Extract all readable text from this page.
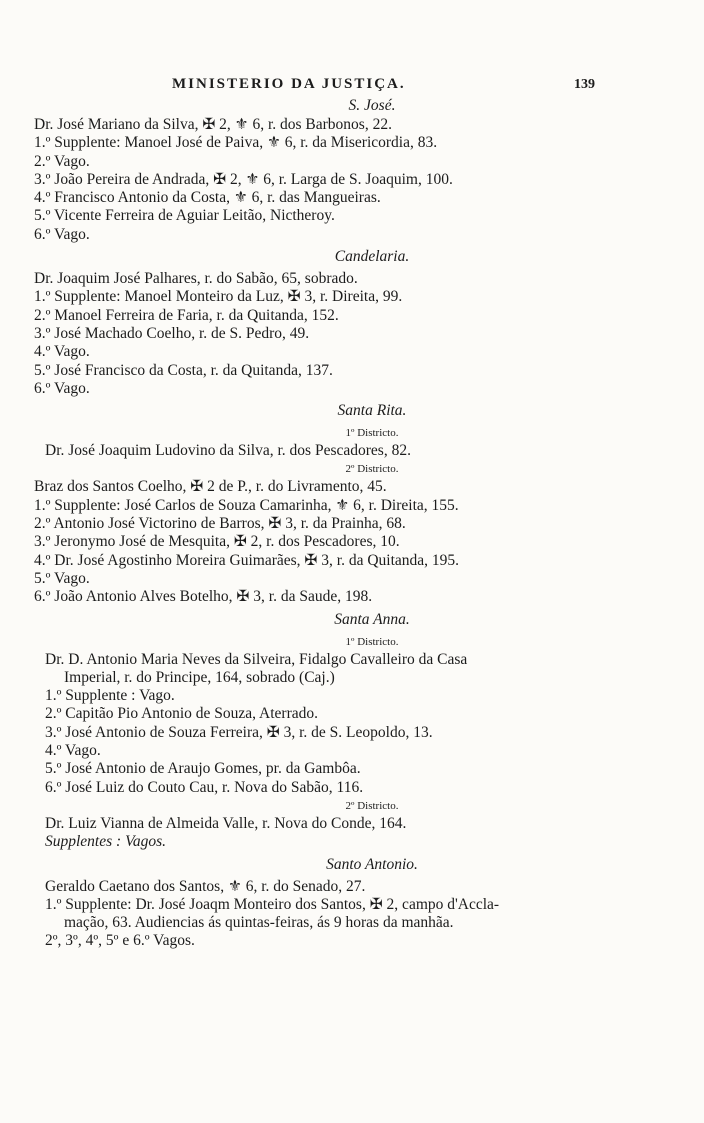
MINISTERIO DA JUSTIÇA.	139
S. José.
Dr. José Mariano da Silva, ✠ 2, ⚜ 6, r. dos Barbonos, 22.
1.º Supplente: Manoel José de Paiva, ⚜ 6, r. da Misericordia, 83.
2.º Vago.
3.º João Pereira de Andrada, ✠ 2, ⚜ 6, r. Larga de S. Joaquim, 100.
4.º Francisco Antonio da Costa, ⚜ 6, r. das Mangueiras.
5.º Vicente Ferreira de Aguiar Leitão, Nictheroy.
6.º Vago.
Candelaria.
Dr. Joaquim José Palhares, r. do Sabão, 65, sobrado.
1.º Supplente: Manoel Monteiro da Luz, ✠ 3, r. Direita, 99.
2.º Manoel Ferreira de Faria, r. da Quitanda, 152.
3.º José Machado Coelho, r. de S. Pedro, 49.
4.º Vago.
5.º José Francisco da Costa, r. da Quitanda, 137.
6.º Vago.
Santa Rita.
1º Districto.
Dr. José Joaquim Ludovino da Silva, r. dos Pescadores, 82.
2º Districto.
Braz dos Santos Coelho, ✠ 2 de P., r. do Livramento, 45.
1.º Supplente: José Carlos de Souza Camarinha, ⚜ 6, r. Direita, 155.
2.º Antonio José Victorino de Barros, ✠ 3, r. da Prainha, 68.
3.º Jeronymo José de Mesquita, ✠ 2, r. dos Pescadores, 10.
4.º Dr. José Agostinho Moreira Guimarães, ✠ 3, r. da Quitanda, 195.
5.º Vago.
6.º João Antonio Alves Botelho, ✠ 3, r. da Saude, 198.
Santa Anna.
1º Districto.
Dr. D. Antonio Maria Neves da Silveira, Fidalgo Cavalleiro da Casa
Imperial, r. do Principe, 164, sobrado (Caj.)
1.º Supplente : Vago.
2.º Capitão Pio Antonio de Souza, Aterrado.
3.º José Antonio de Souza Ferreira, ✠ 3, r. de S. Leopoldo, 13.
4.º Vago.
5.º José Antonio de Araujo Gomes, pr. da Gambôa.
6.º José Luiz do Couto Cau, r. Nova do Sabão, 116.
2º Districto.
Dr. Luiz Vianna de Almeida Valle, r. Nova do Conde, 164.
Supplentes : Vagos.
Santo Antonio.
Geraldo Caetano dos Santos, ⚜ 6, r. do Senado, 27.
1.º Supplente: Dr. José Joaqm Monteiro dos Santos, ✠ 2, campo d'Accla-
mação, 63. Audiencias ás quintas-feiras, ás 9 horas da manhãa.
2º, 3º, 4º, 5º e 6.º Vagos.
